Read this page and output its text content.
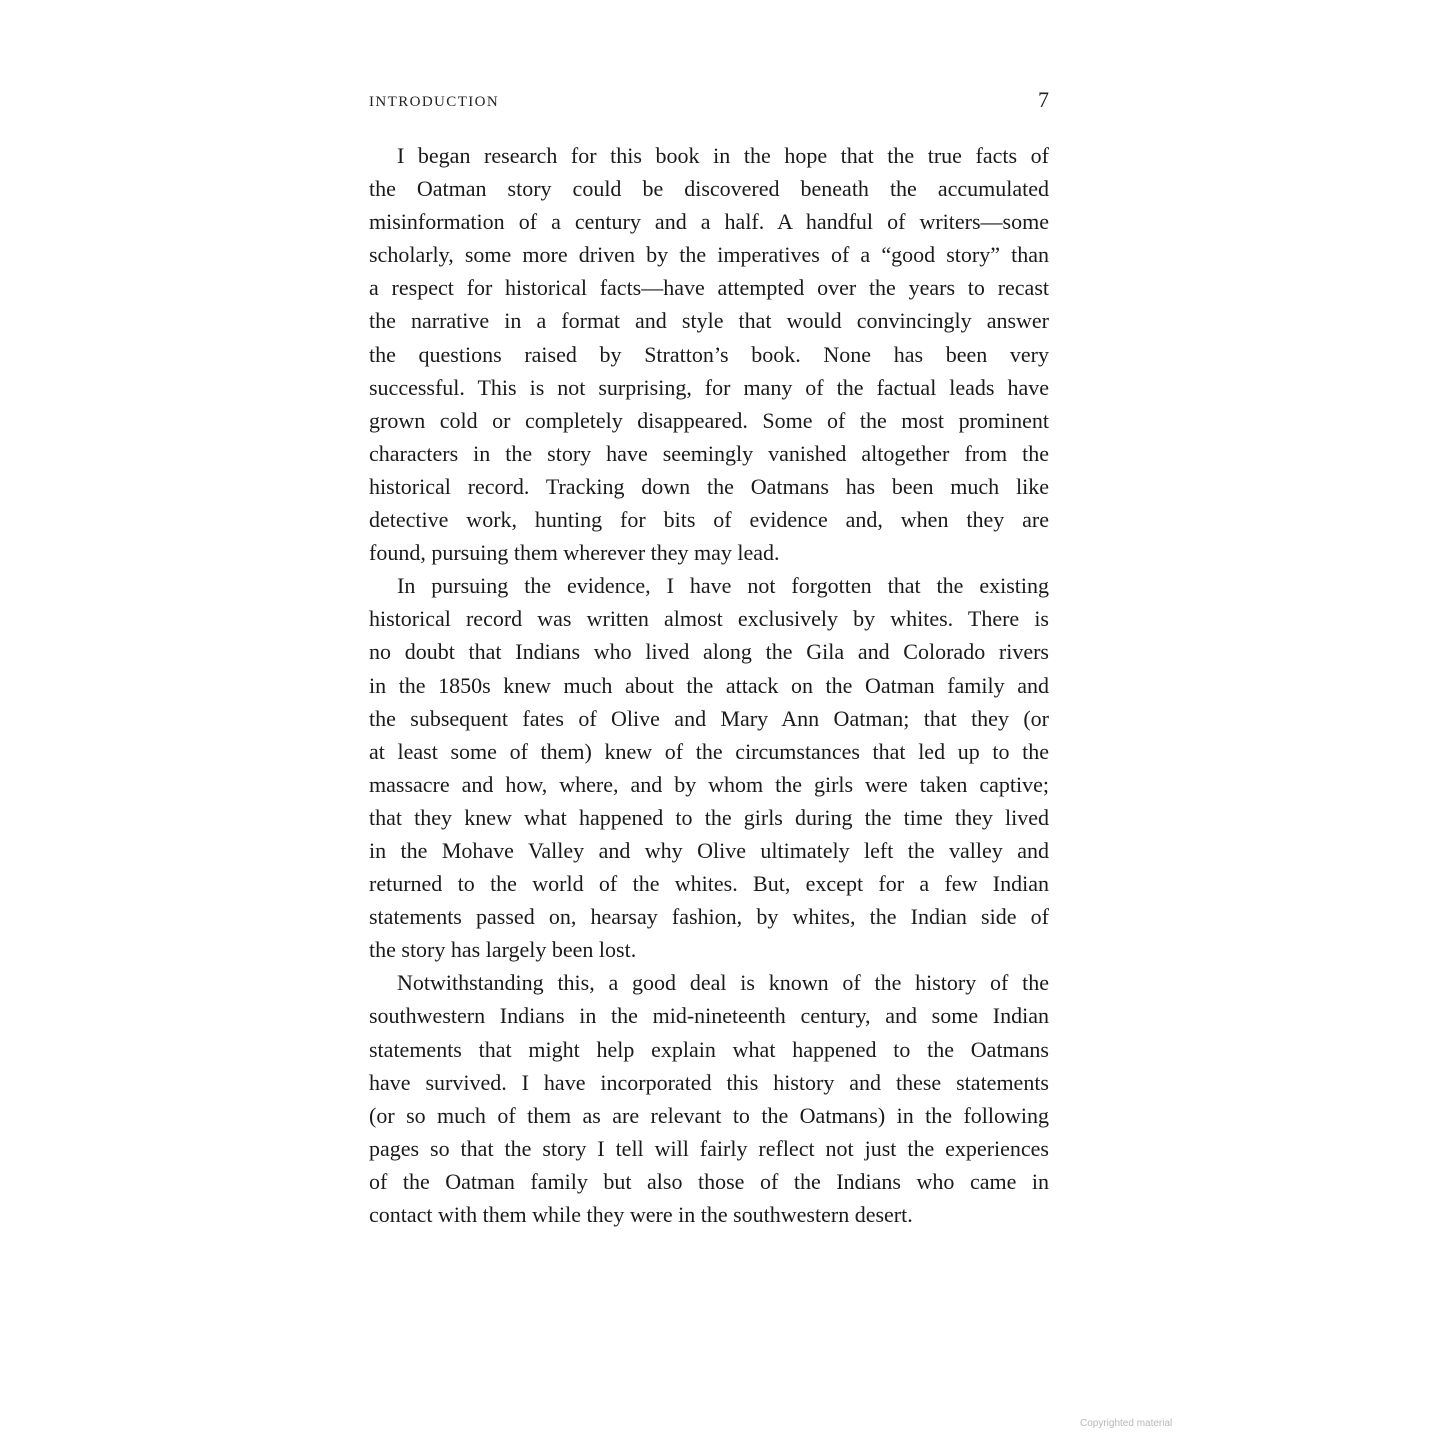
INTRODUCTION	7
I began research for this book in the hope that the true facts of
the Oatman story could be discovered beneath the accumulated
misinformation of a century and a half. A handful of writers—some
scholarly, some more driven by the imperatives of a “good story” than
a respect for historical facts—have attempted over the years to recast
the narrative in a format and style that would convincingly answer
the questions raised by Stratton’s book. None has been very
successful. This is not surprising, for many of the factual leads have
grown cold or completely disappeared. Some of the most prominent
characters in the story have seemingly vanished altogether from the
historical record. Tracking down the Oatmans has been much like
detective work, hunting for bits of evidence and, when they are
found, pursuing them wherever they may lead.
In pursuing the evidence, I have not forgotten that the existing
historical record was written almost exclusively by whites. There is
no doubt that Indians who lived along the Gila and Colorado rivers
in the 1850s knew much about the attack on the Oatman family and
the subsequent fates of Olive and Mary Ann Oatman; that they (or
at least some of them) knew of the circumstances that led up to the
massacre and how, where, and by whom the girls were taken captive;
that they knew what happened to the girls during the time they lived
in the Mohave Valley and why Olive ultimately left the valley and
returned to the world of the whites. But, except for a few Indian
statements passed on, hearsay fashion, by whites, the Indian side of
the story has largely been lost.
Notwithstanding this, a good deal is known of the history of the
southwestern Indians in the mid-nineteenth century, and some Indian
statements that might help explain what happened to the Oatmans
have survived. I have incorporated this history and these statements
(or so much of them as are relevant to the Oatmans) in the following
pages so that the story I tell will fairly reflect not just the experiences
of the Oatman family but also those of the Indians who came in
contact with them while they were in the southwestern desert.
Copyrighted material
